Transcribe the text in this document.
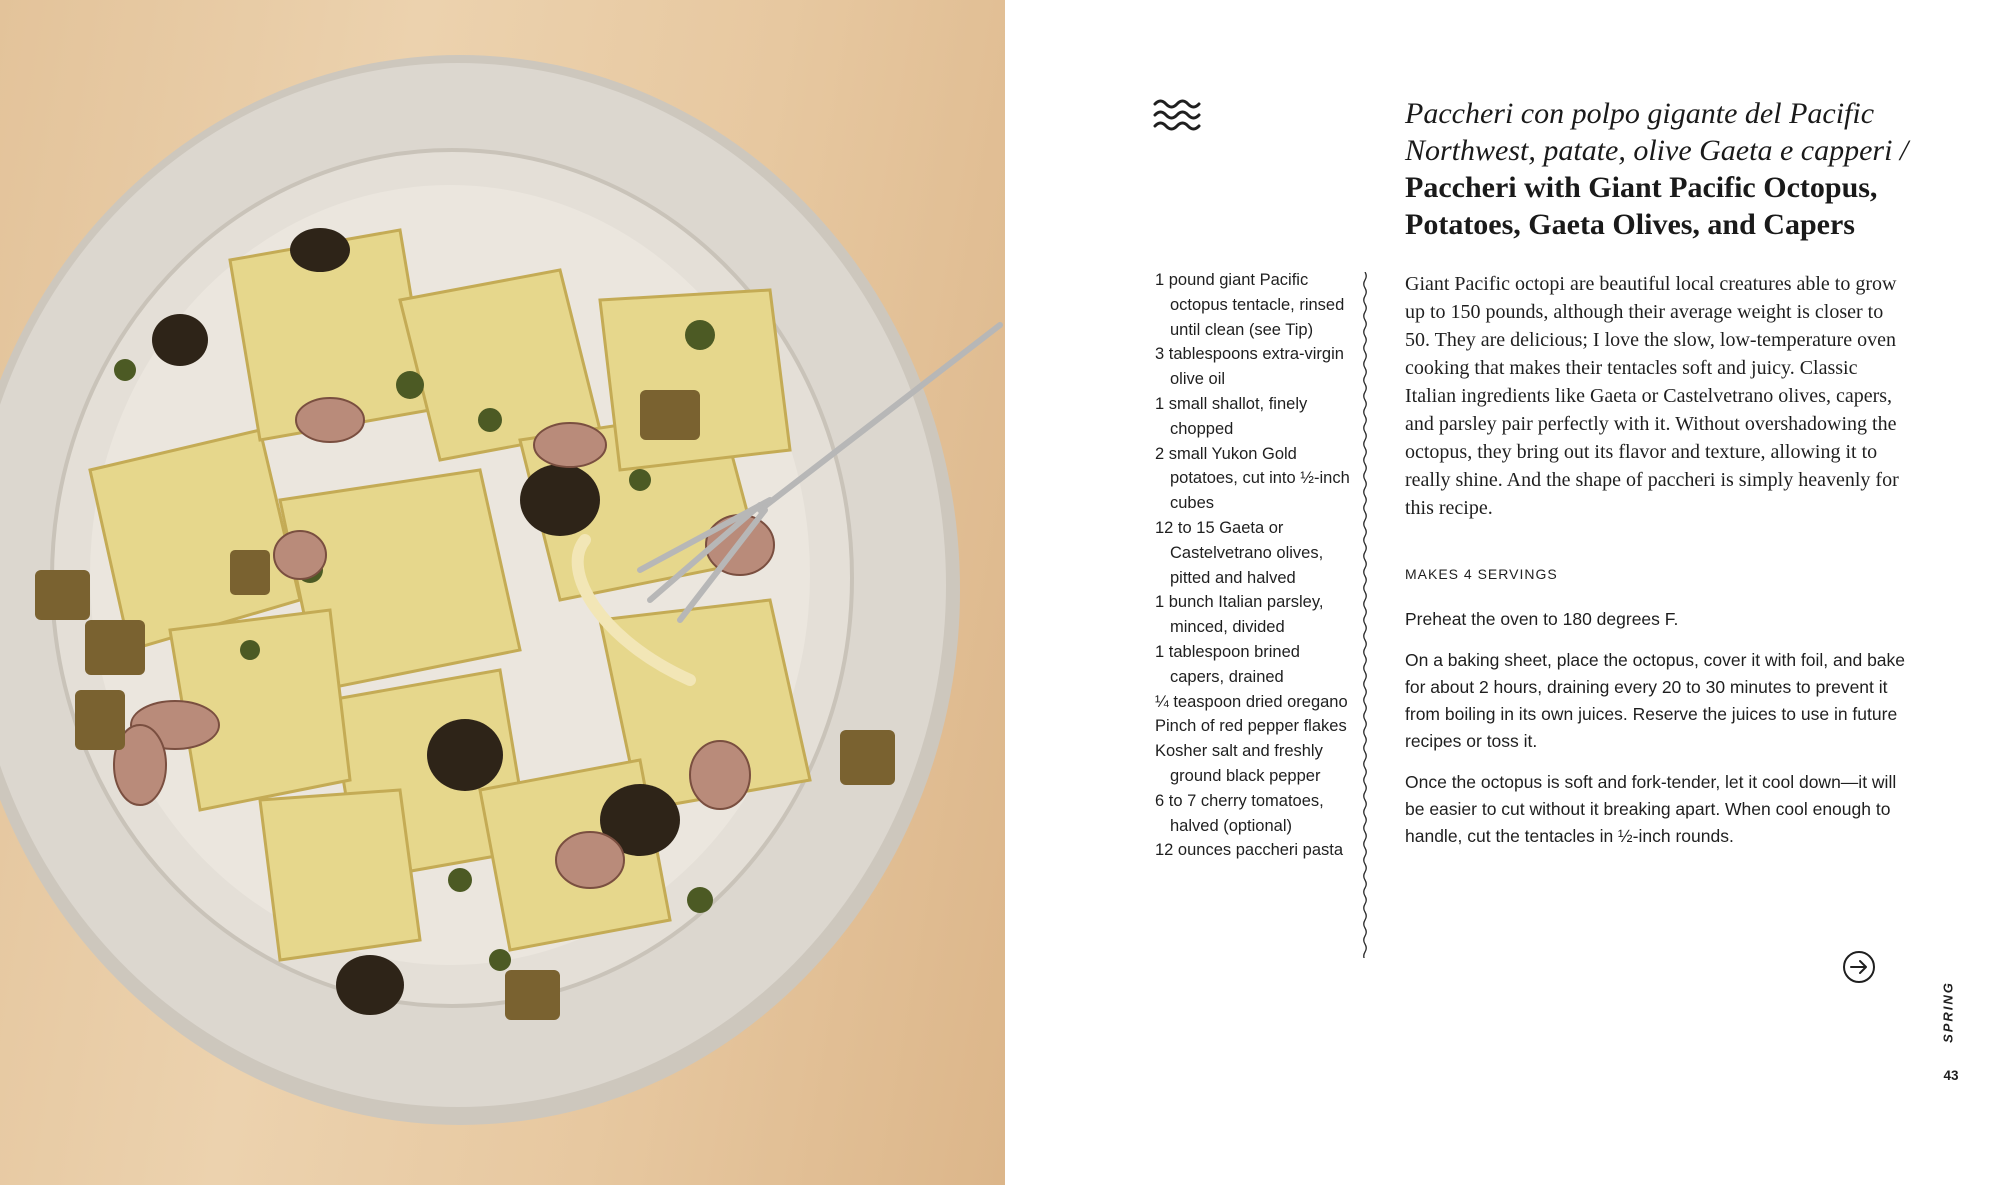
Paccheri con polpo gigante del Pacific Northwest, patate, olive Gaeta e capperi /
Paccheri with Giant Pacific Octopus, Potatoes, Gaeta Olives, and Capers
1 pound giant Pacific octopus tentacle, rinsed until clean (see Tip)
3 tablespoons extra-virgin olive oil
1 small shallot, finely chopped
2 small Yukon Gold potatoes, cut into ½-inch cubes
12 to 15 Gaeta or Castelvetrano olives, pitted and halved
1 bunch Italian parsley, minced, divided
1 tablespoon brined capers, drained
¼ teaspoon dried oregano
Pinch of red pepper flakes
Kosher salt and freshly ground black pepper
6 to 7 cherry tomatoes, halved (optional)
12 ounces paccheri pasta

Giant Pacific octopi are beautiful local creatures able to grow up to 150 pounds, although their average weight is closer to 50. They are delicious; I love the slow, low-temperature oven cooking that makes their tentacles soft and juicy. Classic Italian ingredients like Gaeta or Castelvetrano olives, capers, and parsley pair perfectly with it. Without overshadowing the octopus, they bring out its flavor and texture, allowing it to really shine. And the shape of paccheri is simply heavenly for this recipe.

MAKES 4 SERVINGS

Preheat the oven to 180 degrees F.

On a baking sheet, place the octopus, cover it with foil, and bake for about 2 hours, draining every 20 to 30 minutes to prevent it from boiling in its own juices. Reserve the juices to use in future recipes or toss it.

Once the octopus is soft and fork-tender, let it cool down—it will be easier to cut without it breaking apart. When cool enough to handle, cut the tentacles in ½-inch rounds.

SPRING
43
